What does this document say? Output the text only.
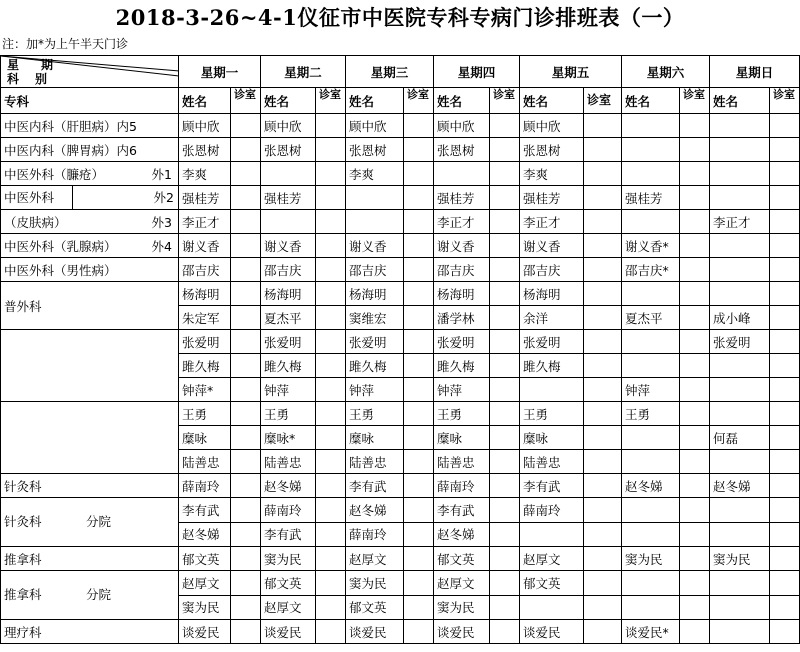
2018-3-26~4-1仪征市中医院专科专病门诊排班表（一）
注：加*为上午半天门诊
星 期
科 别	星期一		星期二		星期三		星期四		星期五		星期六		星期日	
专科	姓名	诊室	姓名	诊室	姓名	诊室	姓名	诊室	姓名	诊室	姓名	诊室	姓名	诊室
中医内科（肝胆病）内5	顾中欣		顾中欣		顾中欣		顾中欣		顾中欣					
中医内科（脾胃病）内6	张恩树		张恩树		张恩树		张恩树		张恩树					
中医外科（臁疮） 外1	李爽				李爽				李爽					

中医外科 外2	强桂芳		强桂芳				强桂芳		强桂芳		强桂芳			
（皮肤病） 外3	李正才						李正才		李正才				李正才	
中医外科（乳腺病） 外4	谢义香		谢义香		谢义香		谢义香		谢义香		谢义香*			
中医外科（男性病）	邵吉庆		邵吉庆		邵吉庆		邵吉庆		邵吉庆		邵吉庆*			
普外科	杨海明		杨海明		杨海明		杨海明		杨海明					
	朱定军		夏杰平		窦维宏		潘学林		余洋		夏杰平		成小峰	
	张爱明		张爱明		张爱明		张爱明		张爱明				张爱明	
	雎久梅		雎久梅		雎久梅		雎久梅		雎久梅					
	钟萍*		钟萍		钟萍		钟萍				钟萍			
	王勇		王勇		王勇		王勇		王勇		王勇			
	糜咏		糜咏*		糜咏		糜咏		糜咏				何磊	
	陆善忠		陆善忠		陆善忠		陆善忠		陆善忠					
针灸科	薛南玲		赵冬娣		李有武		薛南玲		李有武		赵冬娣		赵冬娣	

针灸科 分院	李有武		薛南玲		赵冬娣		李有武		薛南玲					
	赵冬娣		李有武		薛南玲		赵冬娣							
推拿科	郁文英		窦为民		赵厚文		郁文英		赵厚文		窦为民		窦为民	

推拿科 分院	赵厚文		郁文英		窦为民		赵厚文		郁文英					
	窦为民		赵厚文		郁文英		窦为民							
理疗科	谈爱民		谈爱民		谈爱民		谈爱民		谈爱民		谈爱民*			
